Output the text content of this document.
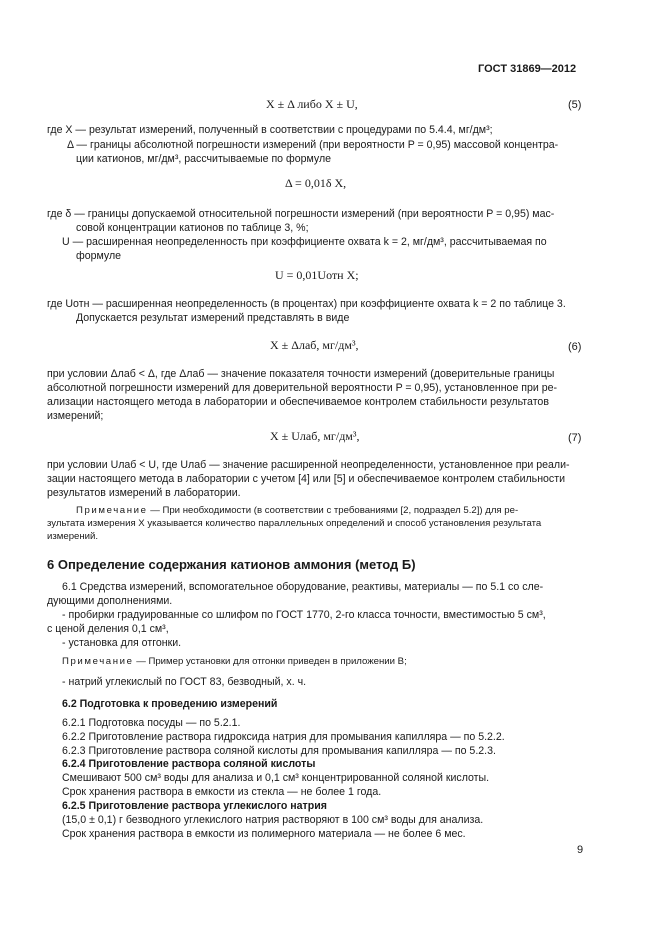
ГОСТ 31869—2012
X ± Δ либо X ± U,	(5)
где X — результат измерений, полученный в соответствии с процедурами по 5.4.4, мг/дм³;
Δ — границы абсолютной погрешности измерений (при вероятности P = 0,95) массовой концентра-
ции катионов, мг/дм³, рассчитываемые по формуле
Δ = 0,01δ X,
где δ — границы допускаемой относительной погрешности измерений (при вероятности P = 0,95) мас-
совой концентрации катионов по таблице 3, %;
U — расширенная неопределенность при коэффициенте охвата k = 2, мг/дм³, рассчитываемая по
формуле
U = 0,01Uотн X;
где Uотн — расширенная неопределенность (в процентах) при коэффициенте охвата k = 2 по таблице 3.
Допускается результат измерений представлять в виде
X ± Δлаб, мг/дм³,	(6)
при условии Δлаб < Δ, где Δлаб — значение показателя точности измерений (доверительные границы
абсолютной погрешности измерений для доверительной вероятности P = 0,95), установленное при ре-
ализации настоящего метода в лаборатории и обеспечиваемое контролем стабильности результатов
измерений;
X ± Uлаб, мг/дм³,	(7)
при условии Uлаб < U, где Uлаб — значение расширенной неопределенности, установленное при реали-
зации настоящего метода в лаборатории с учетом [4] или [5] и обеспечиваемое контролем стабильности
результатов измерений в лаборатории.
Примечание — При необходимости (в соответствии с требованиями [2, подраздел 5.2]) для ре-
зультата измерения X указывается количество параллельных определений и способ установления результата
измерений.
6 Определение содержания катионов аммония (метод Б)
6.1 Средства измерений, вспомогательное оборудование, реактивы, материалы — по 5.1 со сле-
дующими дополнениями.
- пробирки градуированные со шлифом по ГОСТ 1770, 2-го класса точности, вместимостью 5 см³,
с ценой деления 0,1 см³,
- установка для отгонки.
Примечание — Пример установки для отгонки приведен в приложении В;
- натрий углекислый по ГОСТ 83, безводный, х. ч.
6.2 Подготовка к проведению измерений
6.2.1 Подготовка посуды — по 5.2.1.
6.2.2 Приготовление раствора гидроксида натрия для промывания капилляра — по 5.2.2.
6.2.3 Приготовление раствора соляной кислоты для промывания капилляра — по 5.2.3.
6.2.4 Приготовление раствора соляной кислоты
Смешивают 500 см³ воды для анализа и 0,1 см³ концентрированной соляной кислоты.
Срок хранения раствора в емкости из стекла — не более 1 года.
6.2.5 Приготовление раствора углекислого натрия
(15,0 ± 0,1) г безводного углекислого натрия растворяют в 100 см³ воды для анализа.
Срок хранения раствора в емкости из полимерного материала — не более 6 мес.
9
